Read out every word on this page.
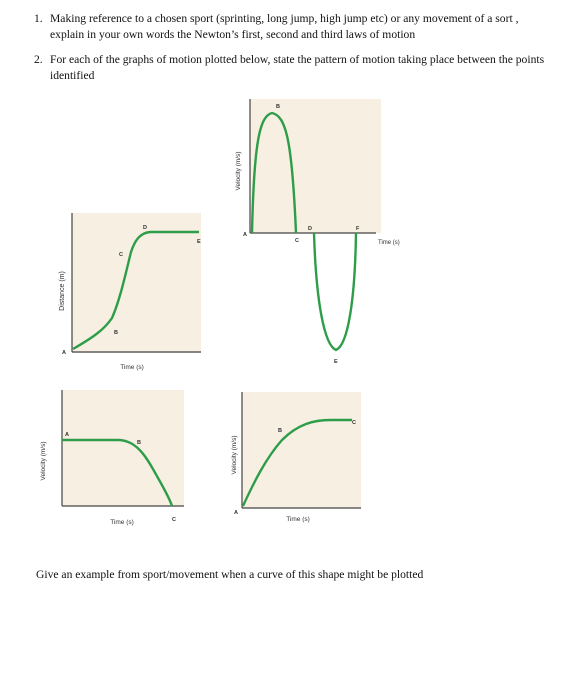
1. Making reference to a chosen sport (sprinting, long jump, high jump etc) or any movement of a sort , explain in your own words the Newton’s first, second and third laws of motion
2. For each of the graphs of motion plotted below, state the pattern of motion taking place between the points identified
Distance (m)
Time (s)
A
B
C
D
E
Velocity (m/s)
Time (s)
A
B
C
D
E
F
Velocity (m/s)
Time (s)
A
B
C
Velocity (m/s)
Time (s)
A
B
C
Give an example from sport/movement when a curve of this shape might be plotted
